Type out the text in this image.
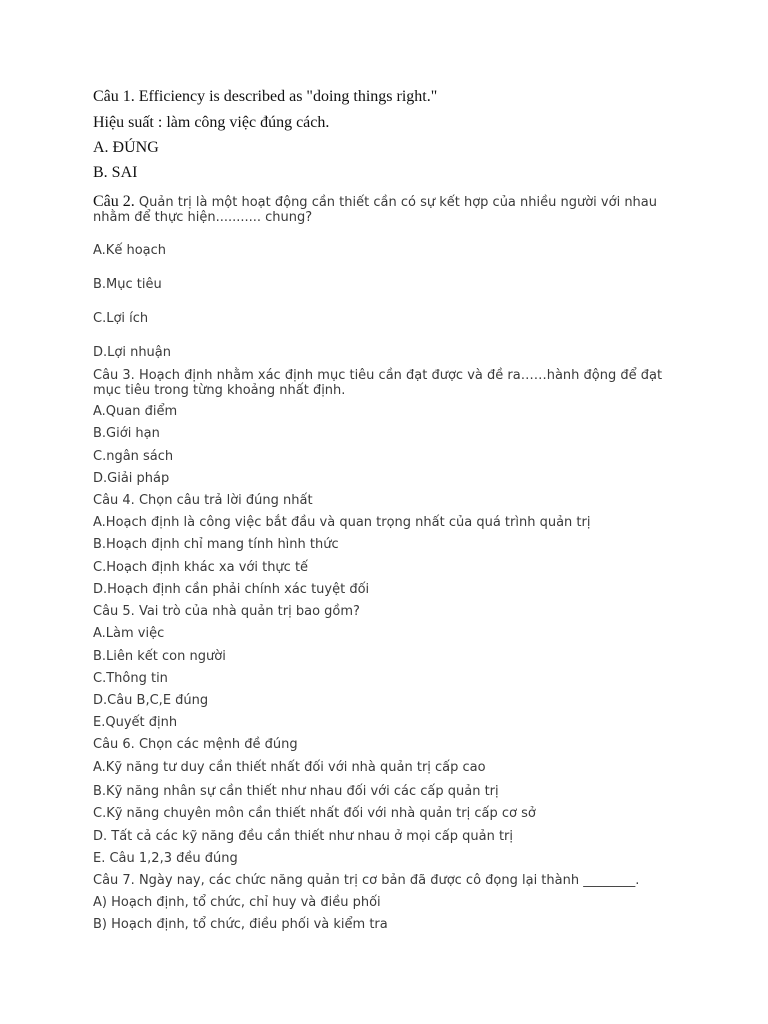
Câu 1. Efficiency is described as "doing things right."
Hiệu suất : làm công việc đúng cách.
A. ĐÚNG
B. SAI
Câu 2. Quản trị là một hoạt động cần thiết cần có sự kết hợp của nhiều người với nhau nhằm để thực hiện........... chung?
A.Kế hoạch
B.Mục tiêu
C.Lợi ích
D.Lợi nhuận
Câu 3. Hoạch định nhằm xác định mục tiêu cần đạt được và đề ra……hành động để đạt mục tiêu trong từng khoảng nhất định.
A.Quan điểm
B.Giới hạn
C.ngân sách
D.Giải pháp
Câu 4. Chọn câu trả lời đúng nhất
A.Hoạch định là công việc bắt đầu và quan trọng nhất của quá trình quản trị
B.Hoạch định chỉ mang tính hình thức
C.Hoạch định khác xa với thực tế
D.Hoạch định cần phải chính xác tuyệt đối
Câu 5. Vai trò của nhà quản trị bao gồm?
A.Làm việc
B.Liên kết con người
C.Thông tin
D.Câu B,C,E đúng
E.Quyết định
Câu 6. Chọn các mệnh đề đúng
A.Kỹ năng tư duy cần thiết nhất đối với nhà quản trị cấp cao
B.Kỹ năng nhân sự cần thiết như nhau đối với các cấp quản trị
C.Kỹ năng chuyên môn cần thiết nhất đối với nhà quản trị cấp cơ sở
D. Tất cả các kỹ năng đều cần thiết như nhau ở mọi cấp quản trị
E. Câu 1,2,3 đều đúng
Câu 7. Ngày nay, các chức năng quản trị cơ bản đã được cô đọng lại thành ________.
A) Hoạch định, tổ chức, chỉ huy và điều phối
B) Hoạch định, tổ chức, điều phối và kiểm tra
